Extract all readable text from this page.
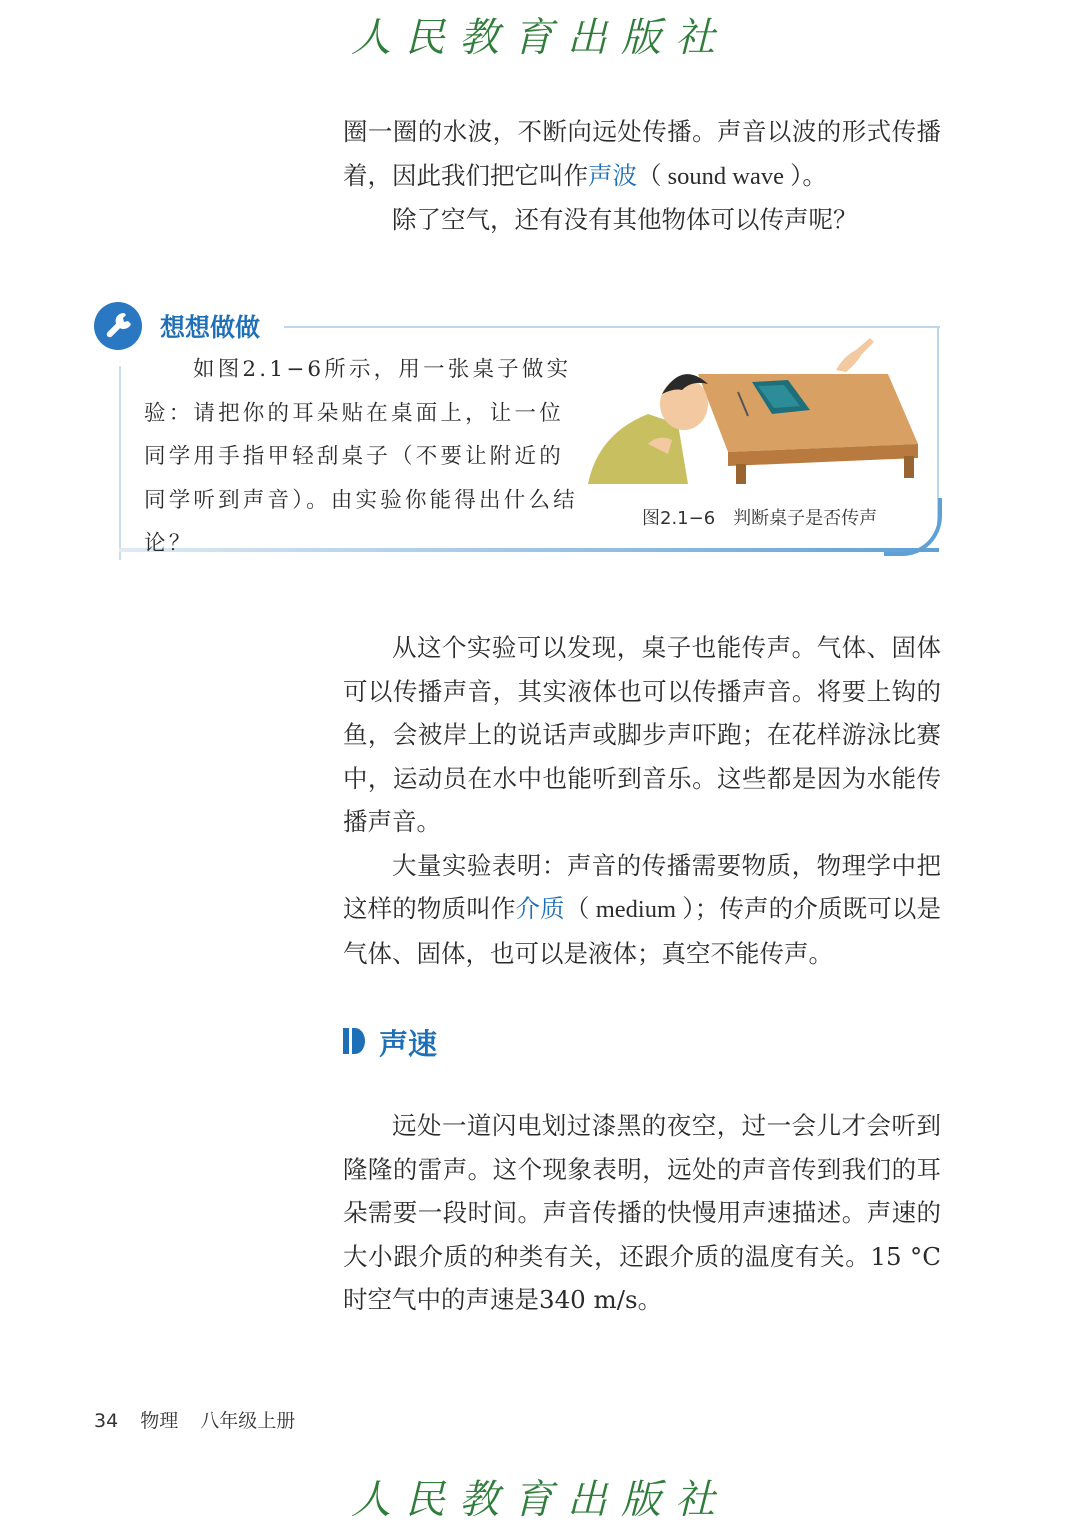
人民教育出版社

圈一圈的水波，不断向远处传播。声音以波的形式传播着，因此我们把它叫作声波（ sound wave ）。

除了空气，还有没有其他物体可以传声呢？

想想做做

如图2.1−6所示，用一张桌子做实验：请把你的耳朵贴在桌面上，让一位同学用手指甲轻刮桌子（不要让附近的同学听到声音）。由实验你能得出什么结论？

图2.1−6　判断桌子是否传声

从这个实验可以发现，桌子也能传声。气体、固体可以传播声音，其实液体也可以传播声音。将要上钩的鱼，会被岸上的说话声或脚步声吓跑；在花样游泳比赛中，运动员在水中也能听到音乐。这些都是因为水能传播声音。

大量实验表明：声音的传播需要物质，物理学中把这样的物质叫作介质（ medium ）；传声的介质既可以是气体、固体，也可以是液体；真空不能传声。

声速

远处一道闪电划过漆黑的夜空，过一会儿才会听到隆隆的雷声。这个现象表明，远处的声音传到我们的耳朵需要一段时间。声音传播的快慢用声速描述。声速的大小跟介质的种类有关，还跟介质的温度有关。15 °C时空气中的声速是340 m/s。

34 物理 八年级上册
人民教育出版社
